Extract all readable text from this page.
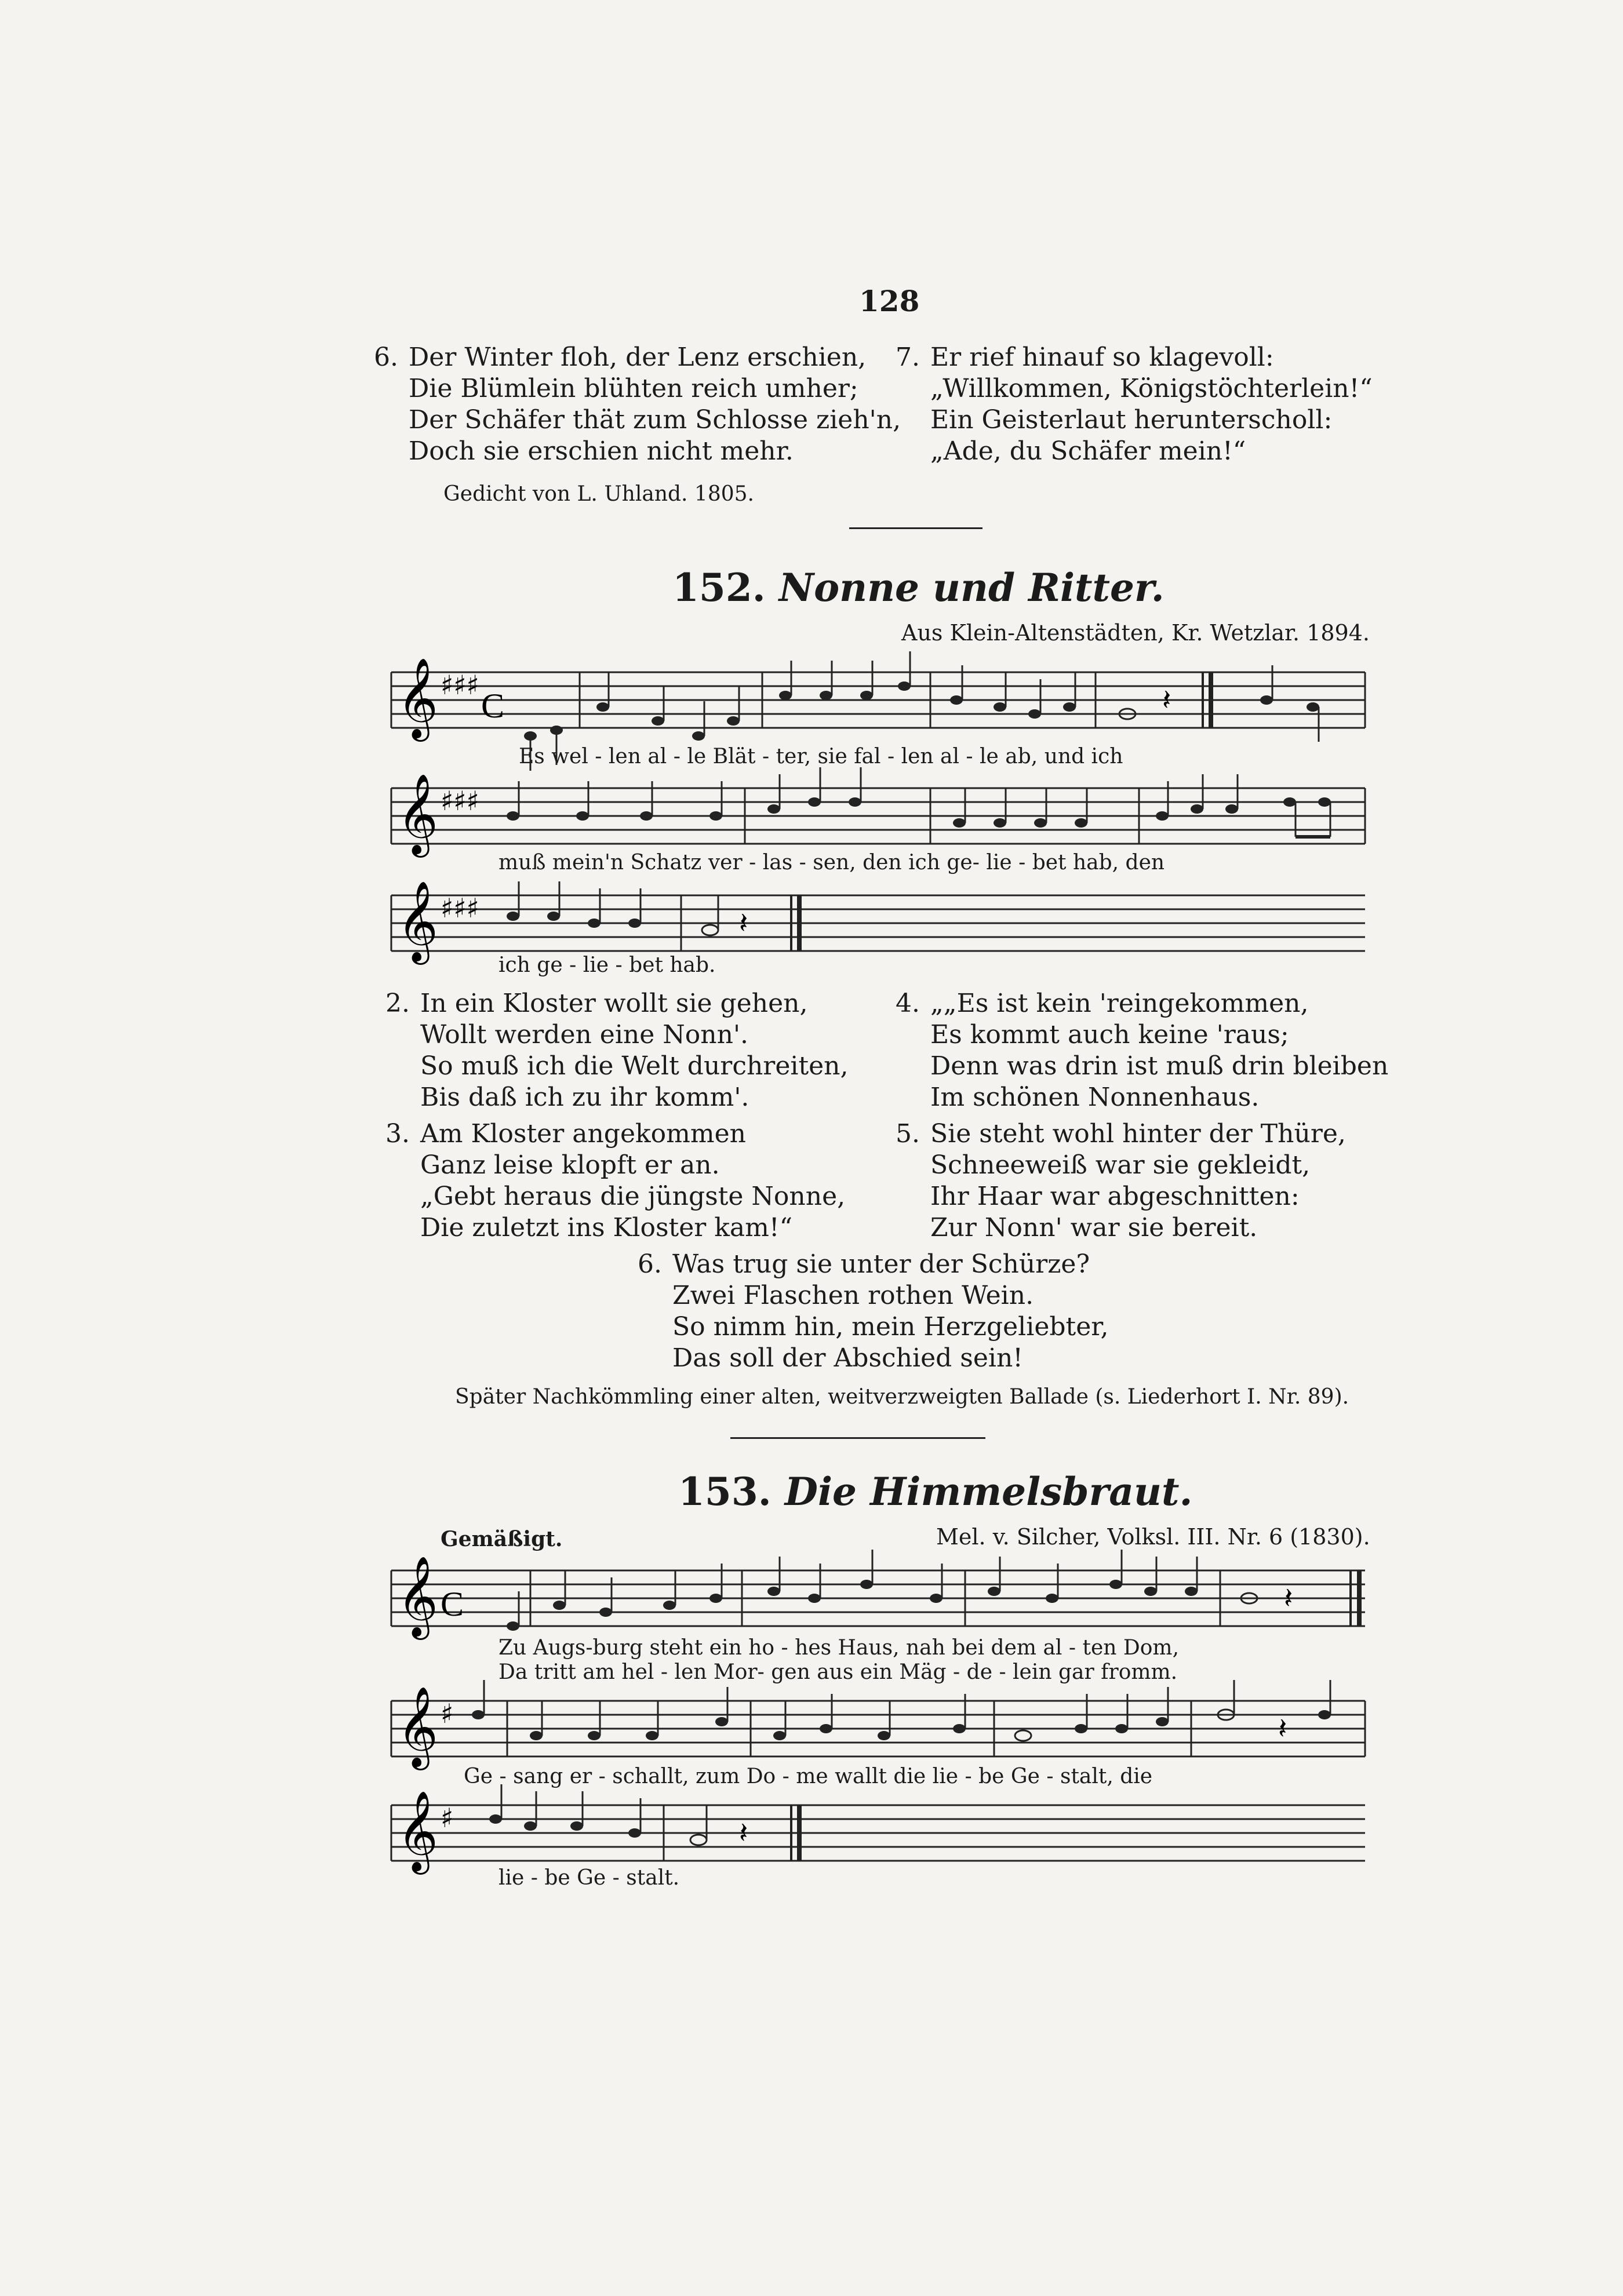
128
6. Der Winter floh, der Lenz erschien,
Die Blümlein blühten reich umher;
Der Schäfer thät zum Schlosse zieh'n,
Doch sie erschien nicht mehr.
7. Er rief hinauf so klagevoll:
„Willkommen, Königstöchterlein!“
Ein Geisterlaut herunterscholl:
„Ade, du Schäfer mein!“
Gedicht von L. Uhland. 1805.
152. Nonne und Ritter.
Aus Klein-Altenstädten, Kr. Wetzlar. 1894.
𝄞 ♯♯♯
C	𝄽
Es wel - len al - le Blät - ter, sie fal - len al - le ab, und ich
𝄞 ♯♯♯
muß mein'n Schatz ver - las - sen, den ich ge- lie - bet hab, den
𝄞 ♯♯♯	𝄽
ich ge - lie - bet hab.
2. In ein Kloster wollt sie gehen,
Wollt werden eine Nonn'.
So muß ich die Welt durchreiten,
Bis daß ich zu ihr komm'.
3. Am Kloster angekommen
Ganz leise klopft er an.
„Gebt heraus die jüngste Nonne,
Die zuletzt ins Kloster kam!“
4. „„Es ist kein 'reingekommen,
Es kommt auch keine 'raus;
Denn was drin ist muß drin bleiben
Im schönen Nonnenhaus.
5. Sie steht wohl hinter der Thüre,
Schneeweiß war sie gekleidt,
Ihr Haar war abgeschnitten:
Zur Nonn' war sie bereit.
6. Was trug sie unter der Schürze?
Zwei Flaschen rothen Wein.
So nimm hin, mein Herzgeliebter,
Das soll der Abschied sein!
Später Nachkömmling einer alten, weitverzweigten Ballade (s. Liederhort I. Nr. 89).
153. Die Himmelsbraut.
Gemäßigt.	Mel. v. Silcher, Volksl. III. Nr. 6 (1830).
𝄞 C	𝄽
Zu Augs-burg steht ein ho - hes Haus, nah bei dem al - ten Dom,
Da tritt am hel - len Mor- gen aus ein Mäg - de - lein gar fromm.
𝄞 ♯	𝄽
Ge - sang er - schallt, zum Do - me wallt die lie - be Ge - stalt, die
𝄞 ♯	𝄽
lie - be Ge - stalt.
